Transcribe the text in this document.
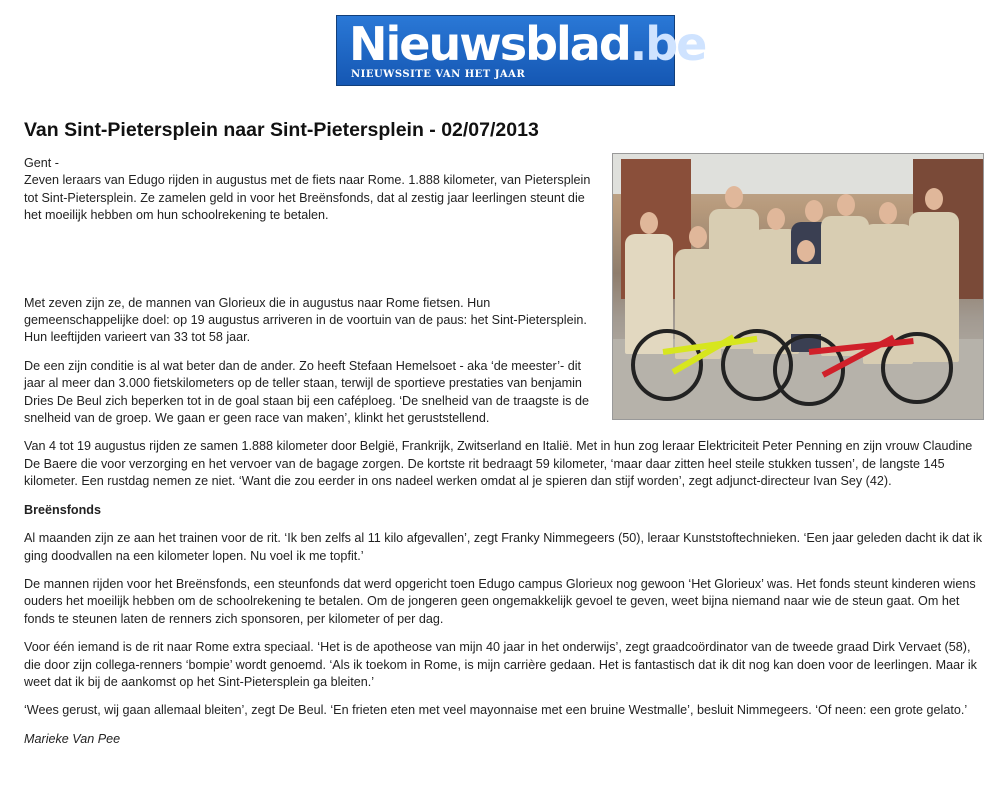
Nieuwsblad.be
NIEUWSSITE VAN HET JAAR
Van Sint-Pietersplein naar Sint-Pietersplein - 02/07/2013

Gent -

Zeven leraars van Edugo rijden in augustus met de fiets naar Rome. 1.888 kilometer, van Pietersplein tot Sint-Pietersplein. Ze zamelen geld in voor het Breënsfonds, dat al zestig jaar leerlingen steunt die het moeilijk hebben om hun schoolrekening te betalen.

Met zeven zijn ze, de mannen van Glorieux die in augustus naar Rome fietsen. Hun gemeenschappelijke doel: op 19 augustus arriveren in de voortuin van de paus: het Sint-Pietersplein. Hun leeftijden varieert van 33 tot 58 jaar.

De een zijn conditie is al wat beter dan de ander. Zo heeft Stefaan Hemelsoet - aka ‘de meester’- dit jaar al meer dan 3.000 fietskilometers op de teller staan, terwijl de sportieve prestaties van benjamin Dries De Beul zich beperken tot in de goal staan bij een caféploeg. ‘De snelheid van de traagste is de snelheid van de groep. We gaan er geen race van maken’, klinkt het geruststellend.

Van 4 tot 19 augustus rijden ze samen 1.888 kilometer door België, Frankrijk, Zwitserland en Italië. Met in hun zog leraar Elektriciteit Peter Penning en zijn vrouw Claudine De Baere die voor verzorging en het vervoer van de bagage zorgen. De kortste rit bedraagt 59 kilometer, ‘maar daar zitten heel steile stukken tussen’, de langste 145 kilometer. Een rustdag nemen ze niet. ‘Want die zou eerder in ons nadeel werken omdat al je spieren dan stijf worden’, zegt adjunct-directeur Ivan Sey (42).

Breënsfonds

Al maanden zijn ze aan het trainen voor de rit. ‘Ik ben zelfs al 11 kilo afgevallen’, zegt Franky Nimmegeers (50), leraar Kunststoftechnieken. ‘Een jaar geleden dacht ik dat ik ging doodvallen na een kilometer lopen. Nu voel ik me topfit.’

De mannen rijden voor het Breënsfonds, een steunfonds dat werd opgericht toen Edugo campus Glorieux nog gewoon ‘Het Glorieux’ was. Het fonds steunt kinderen wiens ouders het moeilijk hebben om de schoolrekening te betalen. Om de jongeren geen ongemakkelijk gevoel te geven, weet bijna niemand naar wie de steun gaat. Om het fonds te steunen laten de renners zich sponsoren, per kilometer of per dag.

Voor één iemand is de rit naar Rome extra speciaal. ‘Het is de apotheose van mijn 40 jaar in het onderwijs’, zegt graadcoördinator van de tweede graad Dirk Vervaet (58), die door zijn collega-renners ‘bompie’ wordt genoemd. ‘Als ik toekom in Rome, is mijn carrière gedaan. Het is fantastisch dat ik dit nog kan doen voor de leerlingen. Maar ik weet dat ik bij de aankomst op het Sint-Pietersplein ga bleiten.’

‘Wees gerust, wij gaan allemaal bleiten’, zegt De Beul. ‘En frieten eten met veel mayonnaise met een bruine Westmalle’, besluit Nimmegeers. ‘Of neen: een grote gelato.’

Marieke Van Pee
